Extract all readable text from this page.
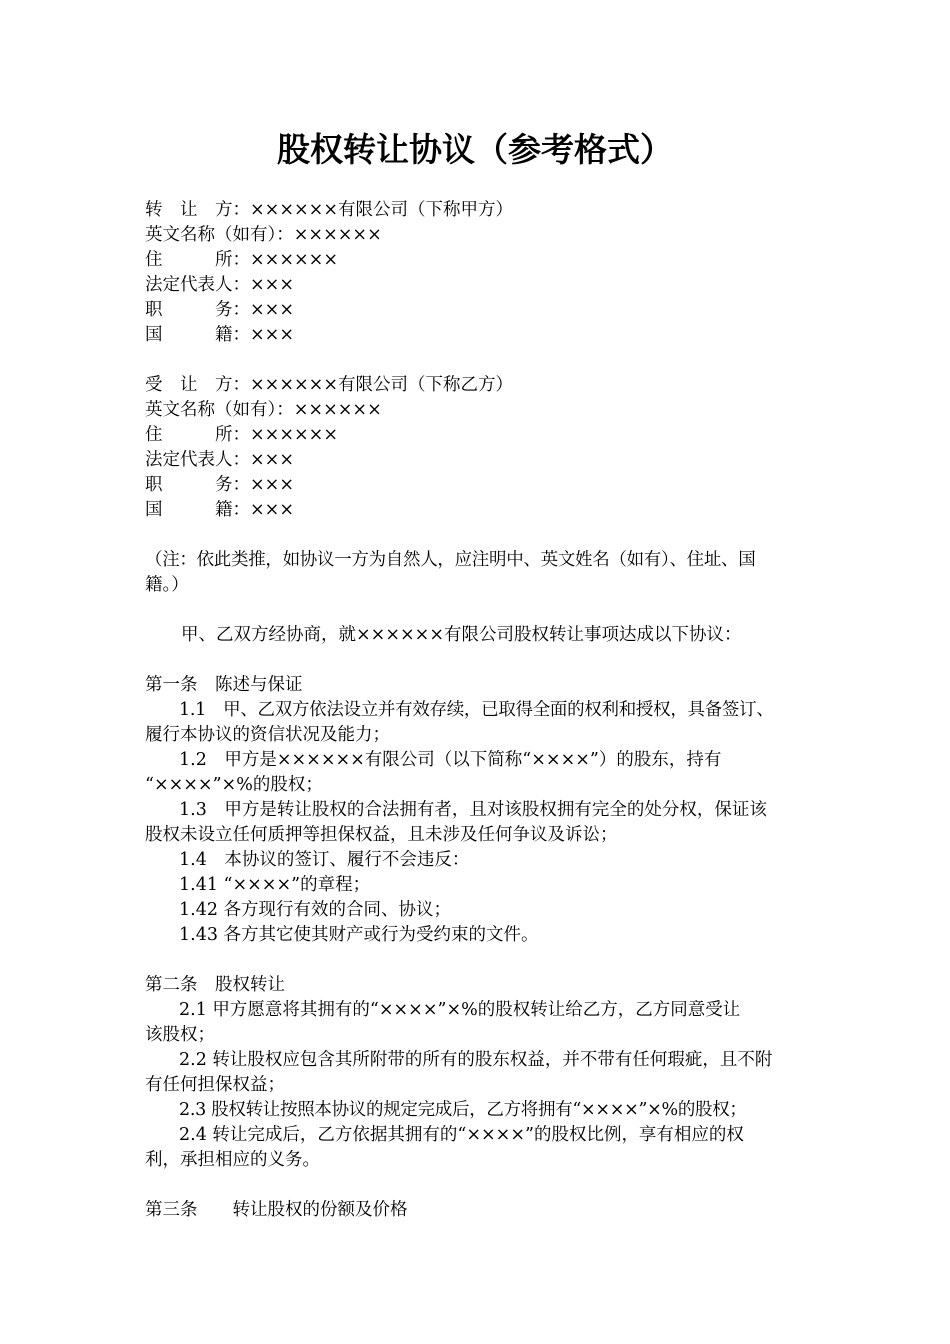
股权转让协议（参考格式）
转　让　方：××××××有限公司（下称甲方）
英文名称（如有）：××××××
住　　　所：××××××
法定代表人：×××
职　　　务：×××
国　　　籍：×××
受　让　方：××××××有限公司（下称乙方）
英文名称（如有）：××××××
住　　　所：××××××
法定代表人：×××
职　　　务：×××
国　　　籍：×××
（注：依此类推，如协议一方为自然人，应注明中、英文姓名（如有）、住址、国
籍。）
甲、乙双方经协商，就××××××有限公司股权转让事项达成以下协议：
第一条　陈述与保证
1.1　甲、乙双方依法设立并有效存续，已取得全面的权利和授权，具备签订、
履行本协议的资信状况及能力；
1.2　甲方是××××××有限公司（以下简称“××××”）的股东，持有
“××××”×%的股权；
1.3　甲方是转让股权的合法拥有者，且对该股权拥有完全的处分权，保证该
股权未设立任何质押等担保权益，且未涉及任何争议及诉讼；
1.4　本协议的签订、履行不会违反：
1.41 “××××”的章程；
1.42 各方现行有效的合同、协议；
1.43 各方其它使其财产或行为受约束的文件。
第二条　股权转让
2.1 甲方愿意将其拥有的“××××”×%的股权转让给乙方，乙方同意受让
该股权；
2.2 转让股权应包含其所附带的所有的股东权益，并不带有任何瑕疵，且不附
有任何担保权益；
2.3 股权转让按照本协议的规定完成后，乙方将拥有“××××”×%的股权；
2.4 转让完成后，乙方依据其拥有的“××××”的股权比例，享有相应的权
利，承担相应的义务。
第三条　　转让股权的份额及价格
